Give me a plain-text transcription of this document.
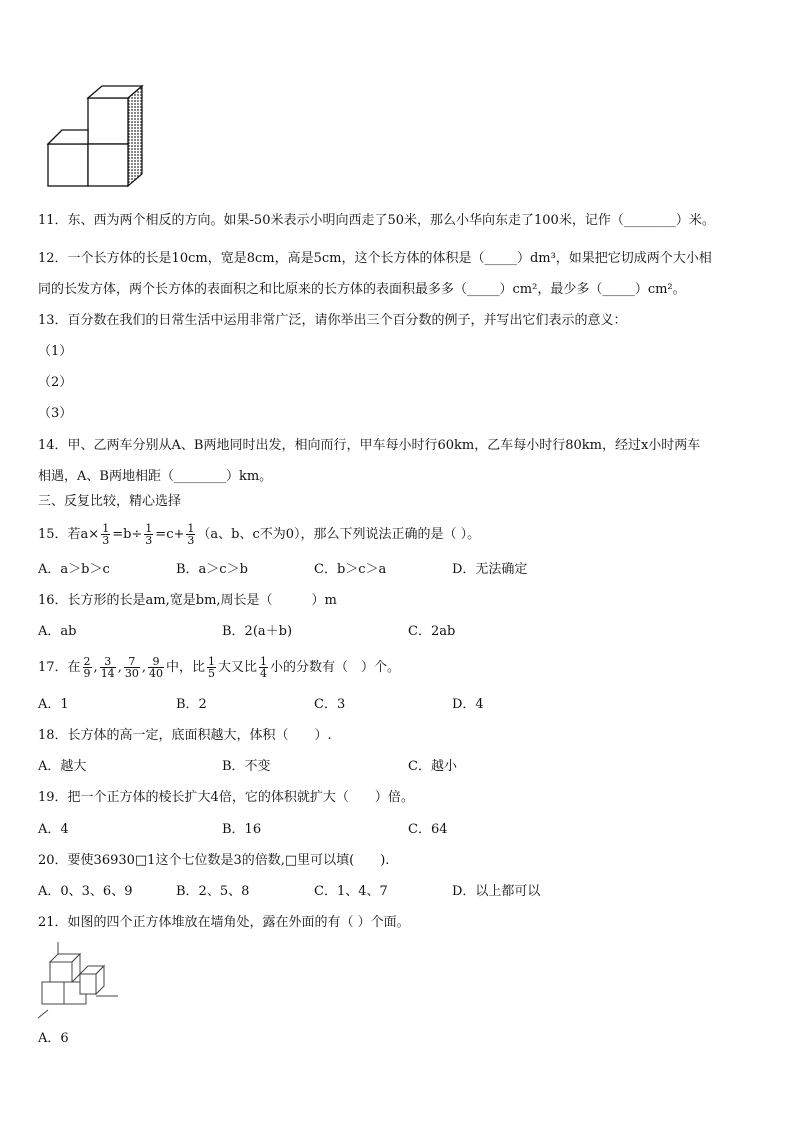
11．东、西为两个相反的方向。如果-50米表示小明向西走了50米，那么小华向东走了100米，记作（________）米。
12．一个长方体的长是10cm，宽是8cm，高是5cm，这个长方体的体积是（_____）dm³，如果把它切成两个大小相
同的长发方体，两个长方体的表面积之和比原来的长方体的表面积最多多（_____）cm²，最少多（_____）cm²。
13．百分数在我们的日常生活中运用非常广泛，请你举出三个百分数的例子，并写出它们表示的意义：
（1）
（2）
（3）
14．甲、乙两车分别从A、B两地同时出发，相向而行，甲车每小时行60km，乙车每小时行80km，经过x小时两车
相遇，A、B两地相距（________）km。
三、反复比较，精心选择
15．若$a\times \frac{1}{3} =b\div \frac{1}{3} =c+ \frac{1}{3} (a$、b、c不为0），那么下列说法正确的是（ ）。
A．a＞b＞c	B．a＞c＞b	C．b＞c＞a	D．无法确定
16．长方形的长是am,宽是bm,周长是（　　　）m
A．ab	B．2(a＋b)	C．2ab
17．在 $\frac{2}{9}$ , $\frac{3}{14}$ , $\frac{7}{30}$ , $\frac{9}{40}$ 中，比 $\frac{1}{5}$ 大又比 $\frac{1}{4}$ 小的分数有（　）个。
A．1	B．2	C．3	D．4
18．长方体的高一定，底面积越大，体积（　　）.
A．越大	B．不变	C．越小
19．把一个正方体的棱长扩大4倍，它的体积就扩大（　　）倍。
A．4	B．16	C．64
20．要使36930□1这个七位数是3的倍数,□里可以填(　　).
A．0、3、6、9	B．2、5、8	C．1、4、7	D．以上都可以
21．如图的四个正方体堆放在墙角处，露在外面的有（ ）个面。
A．6
